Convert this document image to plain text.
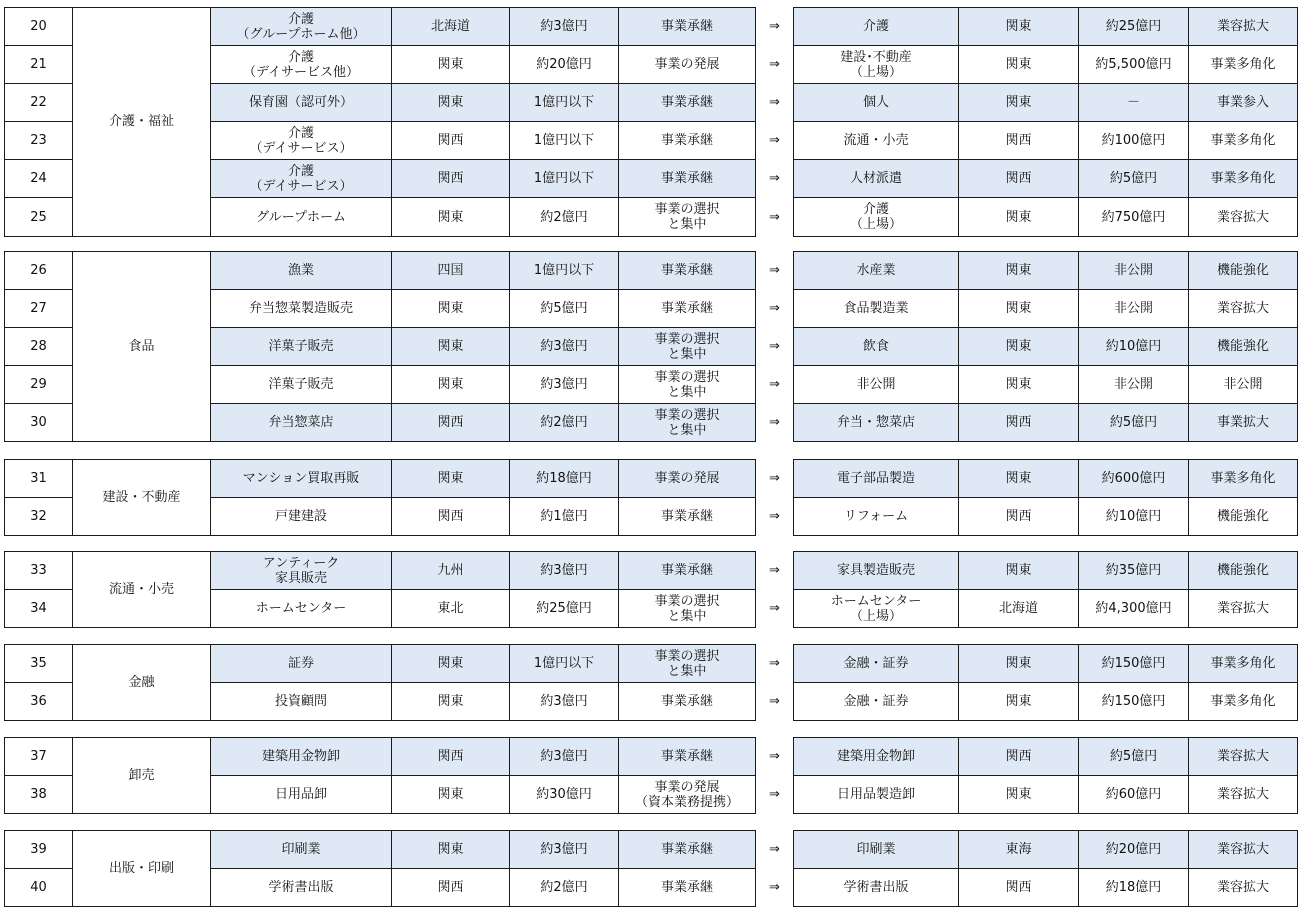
20	介護・福祉	介護
（グループホーム他）	北海道	約3億円	事業承継	⇒	介護	関東	約25億円	業容拡大

21		介護
（デイサービス他）	関東	約20億円	事業の発展	⇒	建設･不動産
（上場）	関東	約5,500億円	事業多角化

22		保育園（認可外）	関東	1億円以下	事業承継	⇒	個人	関東	－	事業参入

23		介護
（デイサービス）	関西	1億円以下	事業承継	⇒	流通・小売	関西	約100億円	事業多角化

24		介護
（デイサービス）	関西	1億円以下	事業承継	⇒	人材派遣	関西	約5億円	事業多角化

25		グループホーム	関東	約2億円	事業の選択
と集中	⇒	介護
（上場）	関東	約750億円	業容拡大
26	食品	漁業	四国	1億円以下	事業承継	⇒	水産業	関東	非公開	機能強化

27		弁当惣菜製造販売	関東	約5億円	事業承継	⇒	食品製造業	関東	非公開	業容拡大

28		洋菓子販売	関東	約3億円	事業の選択
と集中	⇒	飲食	関東	約10億円	機能強化

29		洋菓子販売	関東	約3億円	事業の選択
と集中	⇒	非公開	関東	非公開	非公開

30		弁当惣菜店	関西	約2億円	事業の選択
と集中	⇒	弁当・惣菜店	関西	約5億円	事業拡大
31	建設・不動産	マンション買取再販	関東	約18億円	事業の発展	⇒	電子部品製造	関東	約600億円	事業多角化

32		戸建建設	関西	約1億円	事業承継	⇒	リフォーム	関西	約10億円	機能強化
33	流通・小売	アンティーク
家具販売	九州	約3億円	事業承継	⇒	家具製造販売	関東	約35億円	機能強化

34		ホームセンター	東北	約25億円	事業の選択
と集中	⇒	ホームセンター
（上場）	北海道	約4,300億円	業容拡大
35	金融	証券	関東	1億円以下	事業の選択
と集中	⇒	金融・証券	関東	約150億円	事業多角化

36		投資顧問	関東	約3億円	事業承継	⇒	金融・証券	関東	約150億円	事業多角化
37	卸売	建築用金物卸	関西	約3億円	事業承継	⇒	建築用金物卸	関西	約5億円	業容拡大

38		日用品卸	関東	約30億円	事業の発展
（資本業務提携）	⇒	日用品製造卸	関東	約60億円	業容拡大
39	出版・印刷	印刷業	関東	約3億円	事業承継	⇒	印刷業	東海	約20億円	業容拡大

40		学術書出版	関西	約2億円	事業承継	⇒	学術書出版	関西	約18億円	業容拡大
